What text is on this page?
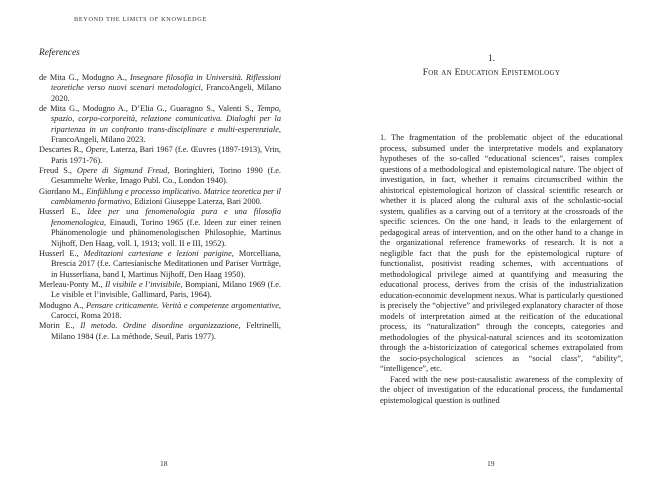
BEYOND THE LIMITS OF KNOWLEDGE
References
de Mita G., Modugno A., Insegnare filosofia in Università. Riflessioni teoretiche verso nuovi scenari metodologici, FrancoAngeli, Milano 2020.
de Mita G., Modugno A., D’Elia G., Guaragno S., Valenti S., Tempo, spazio, corpo-corporeità, relazione comunicativa. Dialoghi per la ripartenza in un confronto trans-disciplinare e multi-esperenziale, FrancoAngeli, Milano 2023.
Descartes R., Opere, Laterza, Bari 1967 (f.e. Œuvres (1897-1913), Vrin, Paris 1971-76).
Freud S., Opere di Sigmund Freud, Boringhieri, Torino 1990 (f.e. Gesammelte Werke, Imago Publ. Co., London 1940).
Giordano M., Einfühlung e processo implicativo. Matrice teoretica per il cambiamento formativo, Edizioni Giuseppe Laterza, Bari 2000.
Husserl E., Idee per una fenomenologia pura e una filosofia fenomenologica, Einaudi, Torino 1965 (f.e. Ideen zur einer reinen Phänomenologie und phänomenologischen Philosophie, Martinus Nijhoff, Den Haag, voll. I, 1913; voll. II e III, 1952).
Husserl E., Meditazioni cartesiane e lezioni parigine, Morcelliana, Brescia 2017 (f.e. Cartesianische Meditationen und Pariser Vorträge, in Husserliana, band I, Martinus Nijhoff, Den Haag 1950).
Merleau-Ponty M., Il visibile e l’invisibile, Bompiani, Milano 1969 (f.e. Le visible et l’invisible, Gallimard, Paris, 1964).
Modugno A., Pensare criticamente. Verità e competenze argomentative, Carocci, Roma 2018.
Morin E., Il metodo. Ordine disordine organizzazione, Feltrinelli, Milano 1984 (f.e. La méthode, Seuil, Paris 1977).
18
1.
For an Education Epistemology

1. The fragmentation of the problematic object of the educational process, subsumed under the interpretative models and explanatory hypotheses of the so-called “educational sciences”, raises complex questions of a methodological and epistemological nature. The object of investigation, in fact, whether it remains circumscribed within the ahistorical epistemological horizon of classical scientific research or whether it is placed along the cultural axis of the scholastic-social system, qualifies as a carving out of a territory at the crossroads of the specific sciences. On the one hand, it leads to the enlargement of pedagogical areas of intervention, and on the other hand to a change in the organizational reference frameworks of research. It is not a negligible fact that the push for the epistemological rupture of functionalist, positivist reading schemes, with accentuations of methodological privilege aimed at quantifying and measuring the educational process, derives from the crisis of the industrialization education-economic development nexus. What is particularly questioned is precisely the “objective” and privileged explanatory character of those models of interpretation aimed at the reification of the educational process, its “naturalization” through the concepts, categories and methodologies of the physical-natural sciences and its scotomization through the a-historicization of categorical schemes extrapolated from the socio-psychological sciences as “social class”, “ability”, “intelligence”, etc.

Faced with the new post-causalistic awareness of the complexity of the object of investigation of the educational process, the fundamental epistemological question is outlined

19
